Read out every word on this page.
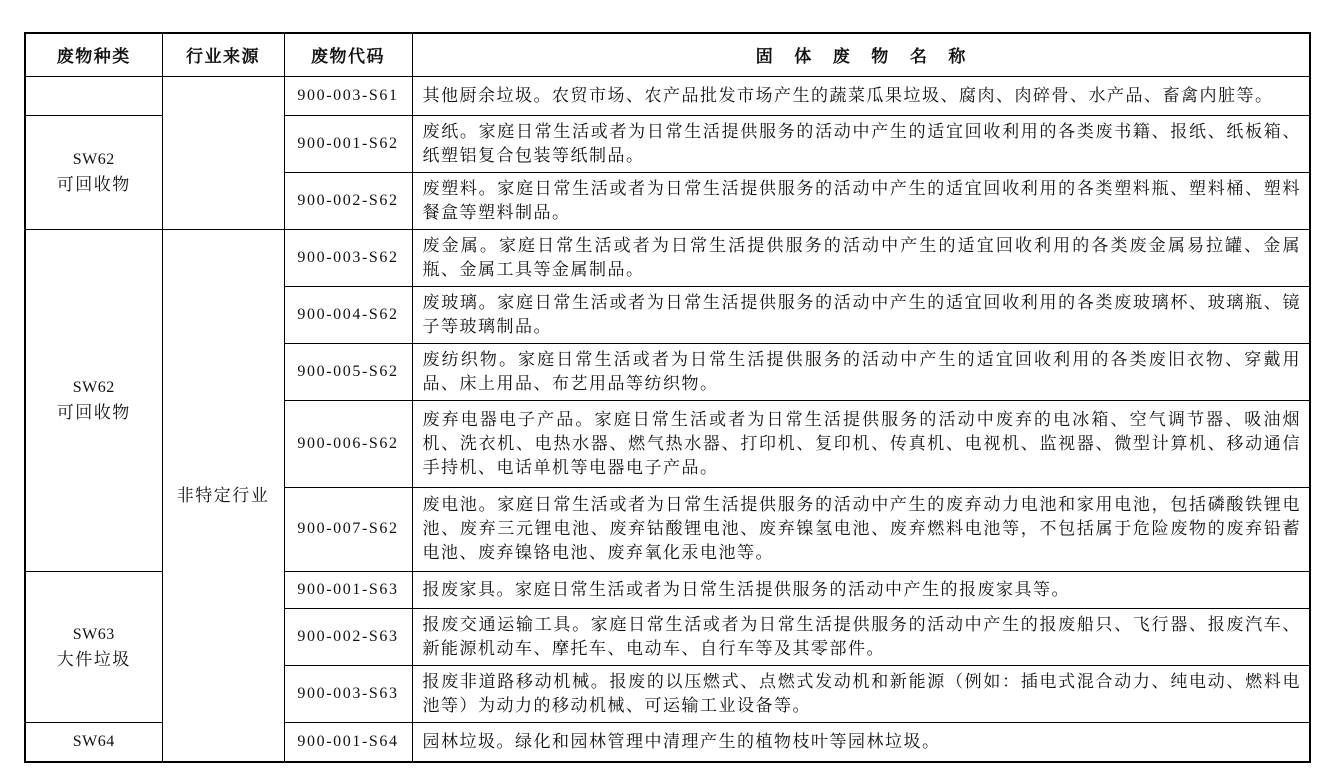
废物种类	行业来源	废物代码	固 体 废 物 名 称
		900-003-S61	其他厨余垃圾。农贸市场、农产品批发市场产生的蔬菜瓜果垃圾、腐肉、肉碎骨、水产品、畜禽内脏等。

SW62
可回收物		900-001-S62	废纸。家庭日常生活或者为日常生活提供服务的活动中产生的适宜回收利用的各类废书籍、报纸、纸板箱、纸塑铝复合包装等纸制品。
		900-002-S62	废塑料。家庭日常生活或者为日常生活提供服务的活动中产生的适宜回收利用的各类塑料瓶、塑料桶、塑料餐盒等塑料制品。

SW62
可回收物	非特定行业	900-003-S62	废金属。家庭日常生活或者为日常生活提供服务的活动中产生的适宜回收利用的各类废金属易拉罐、金属瓶、金属工具等金属制品。
		900-004-S62	废玻璃。家庭日常生活或者为日常生活提供服务的活动中产生的适宜回收利用的各类废玻璃杯、玻璃瓶、镜子等玻璃制品。
		900-005-S62	废纺织物。家庭日常生活或者为日常生活提供服务的活动中产生的适宜回收利用的各类废旧衣物、穿戴用品、床上用品、布艺用品等纺织物。
		900-006-S62	废弃电器电子产品。家庭日常生活或者为日常生活提供服务的活动中废弃的电冰箱、空气调节器、吸油烟机、洗衣机、电热水器、燃气热水器、打印机、复印机、传真机、电视机、监视器、微型计算机、移动通信手持机、电话单机等电器电子产品。
		900-007-S62	废电池。家庭日常生活或者为日常生活提供服务的活动中产生的废弃动力电池和家用电池，包括磷酸铁锂电池、废弃三元锂电池、废弃钴酸锂电池、废弃镍氢电池、废弃燃料电池等，不包括属于危险废物的废弃铅蓄电池、废弃镍铬电池、废弃氧化汞电池等。

SW63
大件垃圾		900-001-S63	报废家具。家庭日常生活或者为日常生活提供服务的活动中产生的报废家具等。
		900-002-S63	报废交通运输工具。家庭日常生活或者为日常生活提供服务的活动中产生的报废船只、飞行器、报废汽车、新能源机动车、摩托车、电动车、自行车等及其零部件。
		900-003-S63	报废非道路移动机械。报废的以压燃式、点燃式发动机和新能源（例如：插电式混合动力、纯电动、燃料电池等）为动力的移动机械、可运输工业设备等。

SW64		900-001-S64	园林垃圾。绿化和园林管理中清理产生的植物枝叶等园林垃圾。
